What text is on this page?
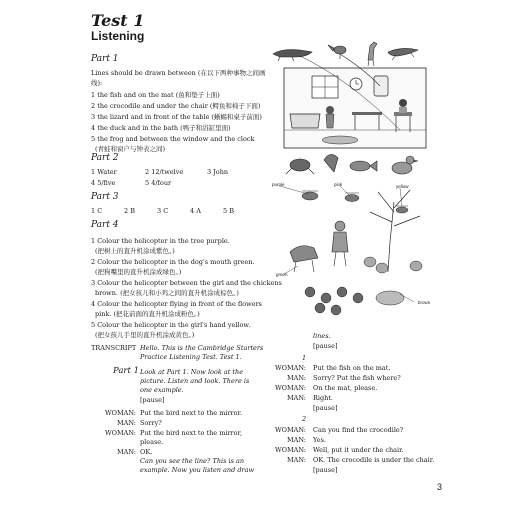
Test 1
Listening
Part 1
Lines should be drawn between (在以下两种事物之间画
线):
1 the fish and on the mat (鱼和垫子上面)
2 the crocodile and under the chair (鳄鱼和椅子下面)
3 the lizard and in front of the table (蜥蜴和桌子前面)
4 the duck and in the bath (鸭子和浴缸里面)
5 the frog and between the window and the clock
(青蛙和窗户与钟表之间)
Part 2
1 Water	2 12/twelve	3 John
4 5/five	5 4/four
Part 3
1 C	2 B	3 C	4 A	5 B
Part 4
1 Colour the helicopter in the tree purple.
(把树上的直升机涂成紫色。)
2 Colour the helicopter in the dog's mouth green.
(把狗嘴里的直升机涂成绿色。)
3 Colour the helicopter between the girl and the chickens
brown. (把女孩儿和小鸡之间的直升机涂成棕色。)
4 Colour the helicopter flying in front of the flowers
pink. (把花前面的直升机涂成粉色。)
5 Colour the helicopter in the girl's hand yellow.
(把女孩儿手里的直升机涂成黄色。)
TRANSCRIPT Hello. This is the Cambridge Starters
Practice Listening Test. Test 1.
Part 1 Look at Part 1. Now look at the
picture. Listen and look. There is
one example.
[pause]
WOMAN: Put the bird next to the mirror.
MAN: Sorry?
WOMAN: Put the bird next to the mirror,
please.
MAN: OK.
Can you see the line? This is an
example. Now you listen and draw
lines.
[pause]
1
WOMAN: Put the fish on the mat.
MAN: Sorry? Put the fish where?
WOMAN: On the mat, please.
MAN: Right.
[pause]
2
WOMAN: Can you find the crocodile?
MAN: Yes.
WOMAN: Well, put it under the chair.
MAN: OK. The crocodile is under the chair.
[pause]
purple	pink	yellow
green
brown
3
